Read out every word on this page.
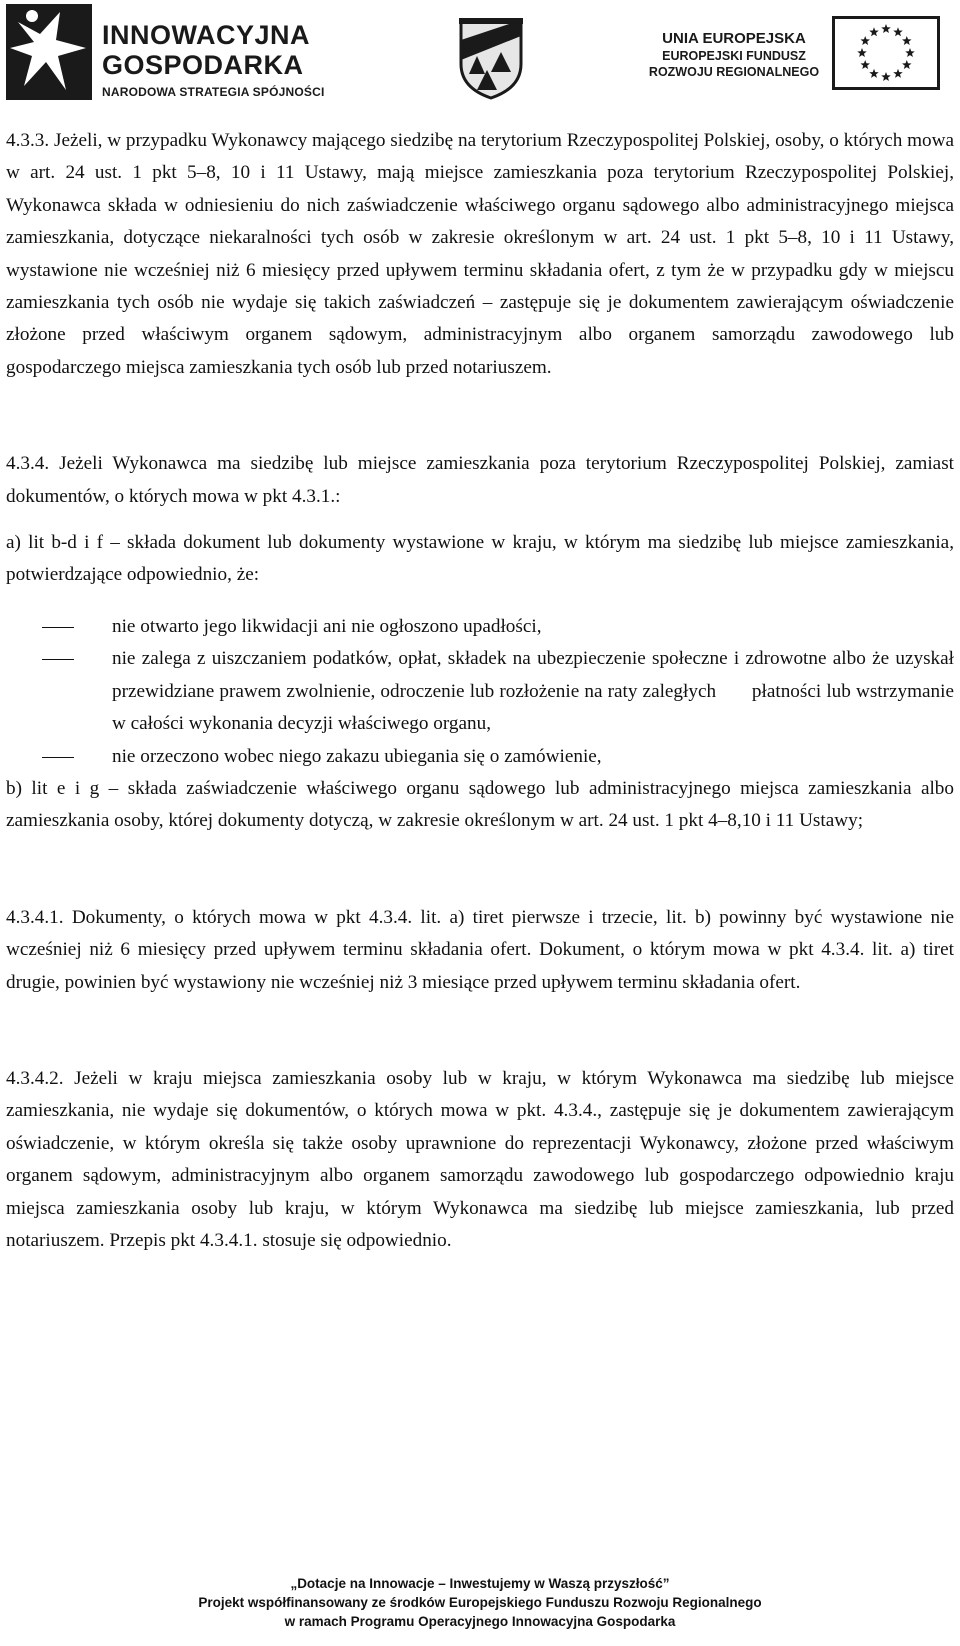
INNOWACYJNA
GOSPODARKA
NARODOWA STRATEGIA SPÓJNOŚCI
UNIA EUROPEJSKA
EUROPEJSKI FUNDUSZ
ROZWOJU REGIONALNEGO

4.3.3. Jeżeli, w przypadku Wykonawcy mającego siedzibę na terytorium Rzeczypospolitej Polskiej, osoby, o których mowa w art. 24 ust. 1 pkt 5–8, 10 i 11 Ustawy, mają miejsce zamieszkania poza terytorium Rzeczypospolitej Polskiej, Wykonawca składa w odniesieniu do nich zaświadczenie właściwego organu sądowego albo administracyjnego miejsca zamieszkania, dotyczące niekaralności tych osób w zakresie określonym w art. 24 ust. 1 pkt 5–8, 10 i 11 Ustawy, wystawione nie wcześniej niż 6 miesięcy przed upływem terminu składania ofert, z tym że w przypadku gdy w miejscu zamieszkania tych osób nie wydaje się takich zaświadczeń – zastępuje się je dokumentem zawierającym oświadczenie złożone przed właściwym organem sądowym, administracyjnym albo organem samorządu zawodowego lub gospodarczego miejsca zamieszkania tych osób lub przed notariuszem.

4.3.4. Jeżeli Wykonawca ma siedzibę lub miejsce zamieszkania poza terytorium Rzeczypospolitej Polskiej, zamiast dokumentów, o których mowa w pkt 4.3.1.:

a) lit b-d i f – składa dokument lub dokumenty wystawione w kraju, w którym ma siedzibę lub miejsce zamieszkania, potwierdzające odpowiednio, że:

nie otwarto jego likwidacji ani nie ogłoszono upadłości,
nie zalega z uiszczaniem podatków, opłat, składek na ubezpieczenie społeczne i zdrowotne albo że uzyskał przewidziane prawem zwolnienie, odroczenie lub rozłożenie na raty zaległych       płatności lub wstrzymanie w całości wykonania decyzji właściwego organu,
nie orzeczono wobec niego zakazu ubiegania się o zamówienie,

b) lit e i g – składa zaświadczenie właściwego organu sądowego lub administracyjnego miejsca zamieszkania albo zamieszkania osoby, której dokumenty dotyczą, w zakresie określonym w art. 24 ust. 1 pkt 4–8,10 i 11 Ustawy;

4.3.4.1. Dokumenty, o których mowa w pkt 4.3.4. lit. a) tiret pierwsze i trzecie, lit. b) powinny być wystawione nie wcześniej niż 6 miesięcy przed upływem terminu składania ofert. Dokument, o którym mowa w pkt 4.3.4. lit. a) tiret drugie, powinien być wystawiony nie wcześniej niż 3 miesiące przed upływem terminu składania ofert.

4.3.4.2. Jeżeli w kraju miejsca zamieszkania osoby lub w kraju, w którym Wykonawca ma siedzibę lub miejsce zamieszkania, nie wydaje się dokumentów, o których mowa w pkt. 4.3.4., zastępuje się je dokumentem zawierającym oświadczenie, w którym określa się także osoby uprawnione do reprezentacji Wykonawcy, złożone przed właściwym organem sądowym, administracyjnym albo organem samorządu zawodowego lub gospodarczego odpowiednio kraju miejsca zamieszkania osoby lub kraju, w którym Wykonawca ma siedzibę lub miejsce zamieszkania, lub przed notariuszem. Przepis pkt 4.3.4.1. stosuje się odpowiednio.

„Dotacje na Innowacje – Inwestujemy w Waszą przyszłość”
Projekt współfinansowany ze środków Europejskiego Funduszu Rozwoju Regionalnego
w ramach Programu Operacyjnego Innowacyjna Gospodarka
